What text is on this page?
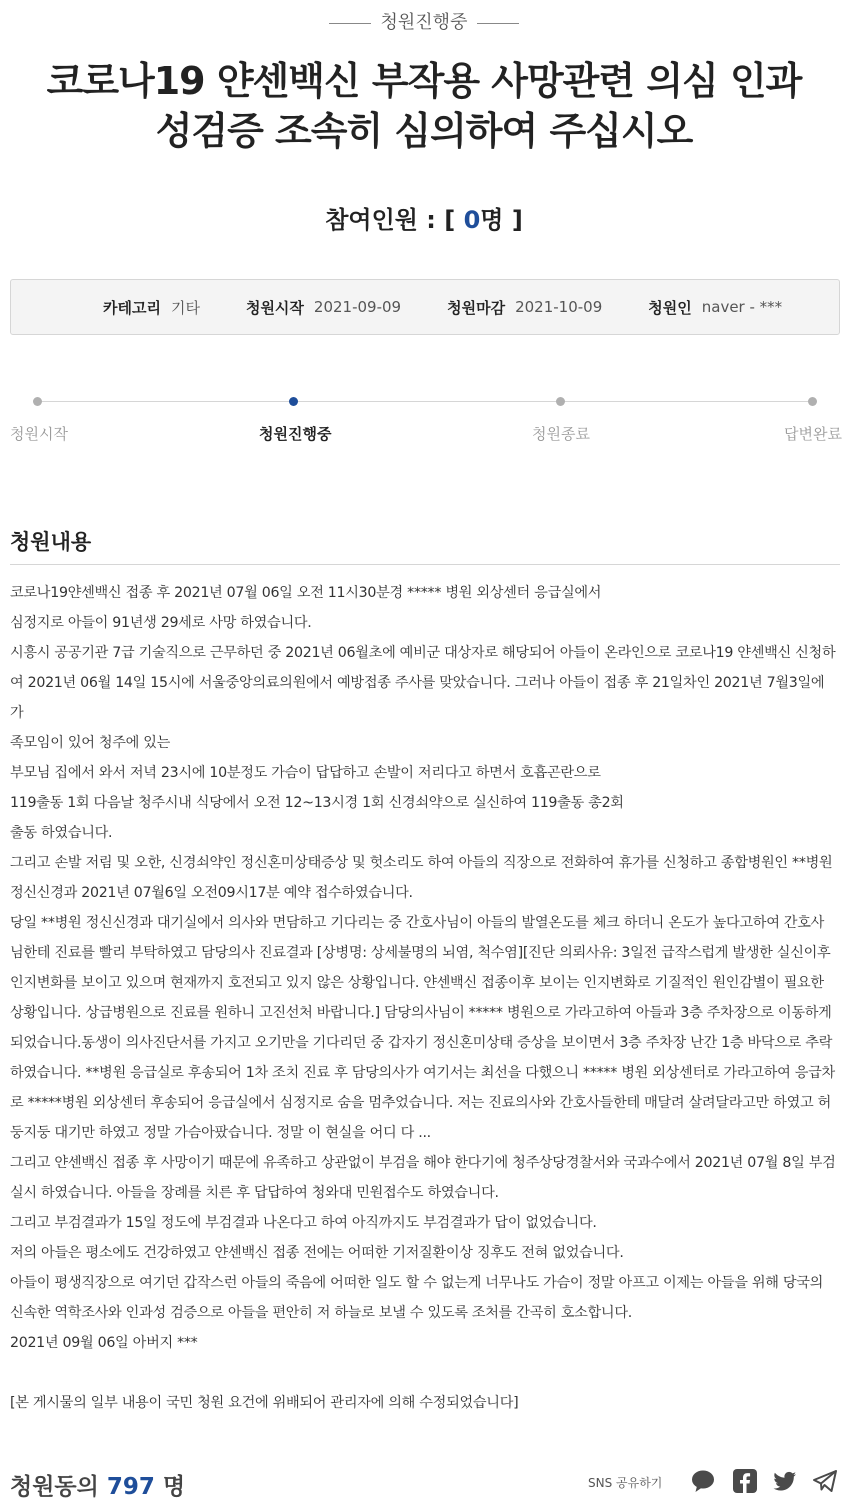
청원진행중
코로나19 얀센백신 부작용 사망관련 의심 인과
성검증 조속히 심의하여 주십시오
참여인원 : [ 0명 ]
카테고리 기타	청원시작 2021-09-09	청원마감 2021-10-09	청원인 naver - ***
청원시작	청원진행중	청원종료	답변완료
청원내용

코로나19얀센백신 접종 후 2021년 07월 06일 오전 11시30분경 ***** 병원 외상센터 응급실에서

심정지로 아들이 91년생 29세로 사망 하였습니다.

시흥시 공공기관 7급 기술직으로 근무하던 중 2021년 06월초에 예비군 대상자로 해당되어 아들이 온라인으로 코로나19 얀센백신 신청하

여 2021년 06월 14일 15시에 서울중앙의료의원에서 예방접종 주사를 맞았습니다. 그러나 아들이 접종 후 21일차인 2021년 7월3일에 가

족모임이 있어 청주에 있는

부모님 집에서 와서 저녁 23시에 10분정도 가슴이 답답하고 손발이 저리다고 하면서 호흡곤란으로

119출동 1회 다음날 청주시내 식당에서 오전 12~13시경 1회 신경쇠약으로 실신하여 119출동 총2회

출동 하였습니다.

그리고 손발 저림 및 오한, 신경쇠약인 정신혼미상태증상 및 헛소리도 하여 아들의 직장으로 전화하여 휴가를 신청하고 종합병원인 **병원

정신신경과 2021년 07월6일 오전09시17분 예약 접수하였습니다.

당일 **병원 정신신경과 대기실에서 의사와 면담하고 기다리는 중 간호사님이 아들의 발열온도를 체크 하더니 온도가 높다고하여 간호사

님한테 진료를 빨리 부탁하였고 담당의사 진료결과 [상병명: 상세불명의 뇌염, 척수염][진단 의뢰사유: 3일전 급작스럽게 발생한 실신이후

인지변화를 보이고 있으며 현재까지 호전되고 있지 않은 상황입니다. 얀센백신 접종이후 보이는 인지변화로 기질적인 원인감별이 필요한

상황입니다. 상급병원으로 진료를 원하니 고진선처 바랍니다.] 담당의사님이 ***** 병원으로 가라고하여 아들과 3층 주차장으로 이동하게

되었습니다.동생이 의사진단서를 가지고 오기만을 기다리던 중 갑자기 정신혼미상태 증상을 보이면서 3층 주차장 난간 1층 바닥으로 추락

하였습니다. **병원 응급실로 후송되어 1차 조치 진료 후 담당의사가 여기서는 최선을 다했으니 ***** 병원 외상센터로 가라고하여 응급차

로 *****병원 외상센터 후송되어 응급실에서 심정지로 숨을 멈추었습니다. 저는 진료의사와 간호사들한테 매달려 살려달라고만 하였고 허

둥지둥 대기만 하였고 정말 가슴아팠습니다. 정말 이 현실을 어디 다 ...

그리고 얀센백신 접종 후 사망이기 때문에 유족하고 상관없이 부검을 해야 한다기에 청주상당경찰서와 국과수에서 2021년 07월 8일 부검

실시 하였습니다. 아들을 장례를 치른 후 답답하여 청와대 민원접수도 하였습니다.

그리고 부검결과가 15일 정도에 부검결과 나온다고 하여 아직까지도 부검결과가 답이 없었습니다.

저의 아들은 평소에도 건강하였고 얀센백신 접종 전에는 어떠한 기저질환이상 징후도 전혀 없었습니다.

아들이 평생직장으로 여기던 갑작스런 아들의 죽음에 어떠한 일도 할 수 없는게 너무나도 가슴이 정말 아프고 이제는 아들을 위해 당국의

신속한 역학조사와 인과성 검증으로 아들을 편안히 저 하늘로 보낼 수 있도록 조처를 간곡히 호소합니다.

2021년 09월 06일 아버지 ***

[본 게시물의 일부 내용이 국민 청원 요건에 위배되어 관리자에 의해 수정되었습니다]

청원동의 797 명	SNS 공유하기
